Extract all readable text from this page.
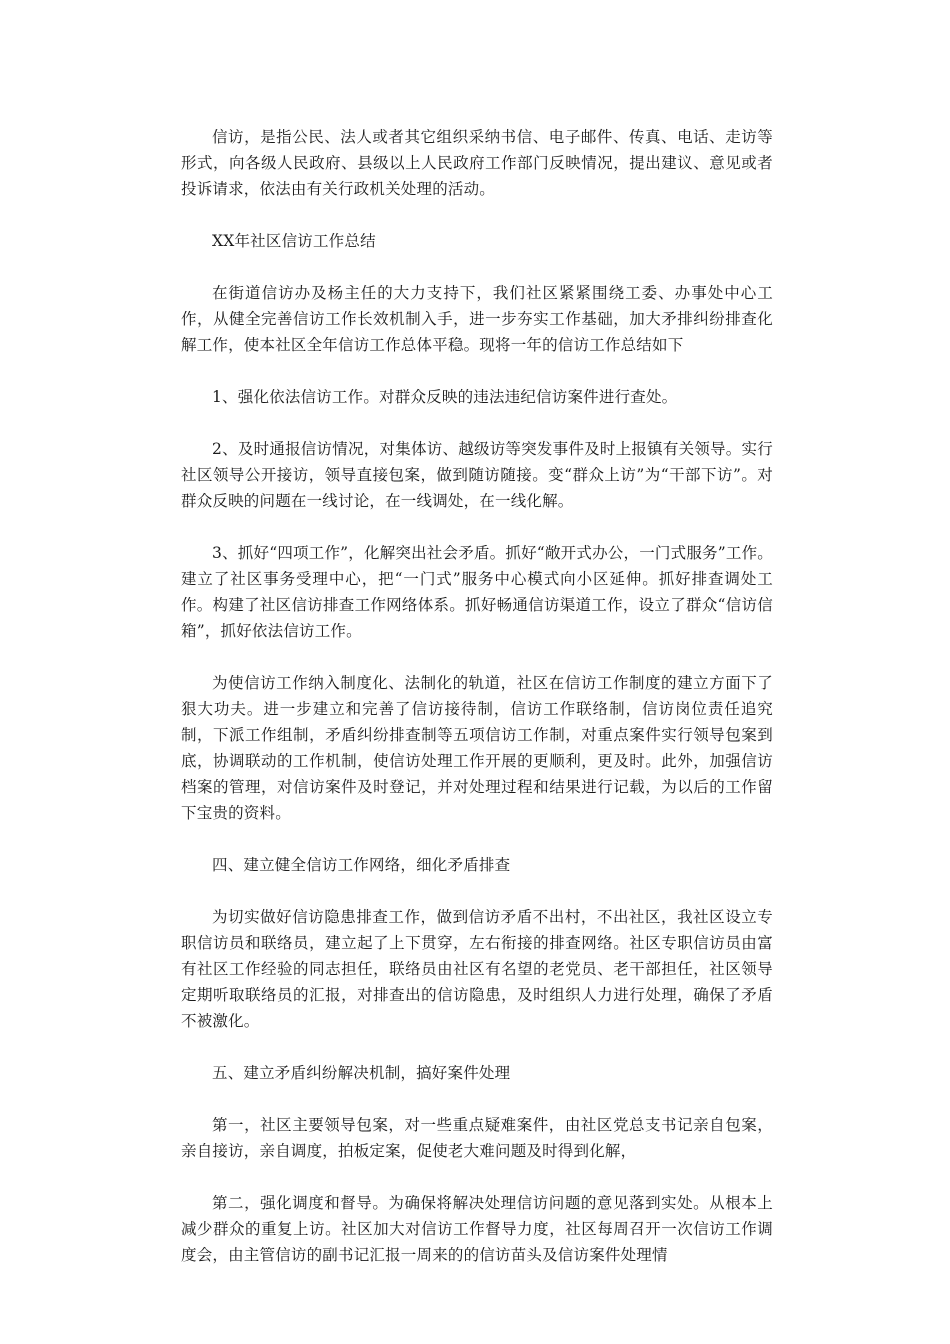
信访，是指公民、法人或者其它组织采纳书信、电子邮件、传真、电话、走访等形式，向各级人民政府、县级以上人民政府工作部门反映情况，提出建议、意见或者投诉请求，依法由有关行政机关处理的活动。

XX年社区信访工作总结

在街道信访办及杨主任的大力支持下，我们社区紧紧围绕工委、办事处中心工作，从健全完善信访工作长效机制入手，进一步夯实工作基础，加大矛排纠纷排查化解工作，使本社区全年信访工作总体平稳。现将一年的信访工作总结如下

1、强化依法信访工作。对群众反映的违法违纪信访案件进行查处。

2、及时通报信访情况，对集体访、越级访等突发事件及时上报镇有关领导。实行社区领导公开接访，领导直接包案，做到随访随接。变“群众上访”为“干部下访”。对群众反映的问题在一线讨论，在一线调处，在一线化解。

3、抓好“四项工作”，化解突出社会矛盾。抓好“敞开式办公，一门式服务”工作。建立了社区事务受理中心，把“一门式”服务中心模式向小区延伸。抓好排查调处工作。构建了社区信访排查工作网络体系。抓好畅通信访渠道工作，设立了群众“信访信箱”，抓好依法信访工作。

为使信访工作纳入制度化、法制化的轨道，社区在信访工作制度的建立方面下了狠大功夫。进一步建立和完善了信访接待制，信访工作联络制，信访岗位责任追究制，下派工作组制，矛盾纠纷排查制等五项信访工作制，对重点案件实行领导包案到底，协调联动的工作机制，使信访处理工作开展的更顺利，更及时。此外，加强信访档案的管理，对信访案件及时登记，并对处理过程和结果进行记载，为以后的工作留下宝贵的资料。

四、建立健全信访工作网络，细化矛盾排查

为切实做好信访隐患排查工作，做到信访矛盾不出村，不出社区，我社区设立专职信访员和联络员，建立起了上下贯穿，左右衔接的排查网络。社区专职信访员由富有社区工作经验的同志担任，联络员由社区有名望的老党员、老干部担任，社区领导定期听取联络员的汇报，对排查出的信访隐患，及时组织人力进行处理，确保了矛盾不被激化。

五、建立矛盾纠纷解决机制，搞好案件处理

第一，社区主要领导包案，对一些重点疑难案件，由社区党总支书记亲自包案，亲自接访，亲自调度，拍板定案，促使老大难问题及时得到化解，

第二，强化调度和督导。为确保将解决处理信访问题的意见落到实处。从根本上减少群众的重复上访。社区加大对信访工作督导力度，社区每周召开一次信访工作调度会，由主管信访的副书记汇报一周来的的信访苗头及信访案件处理情
